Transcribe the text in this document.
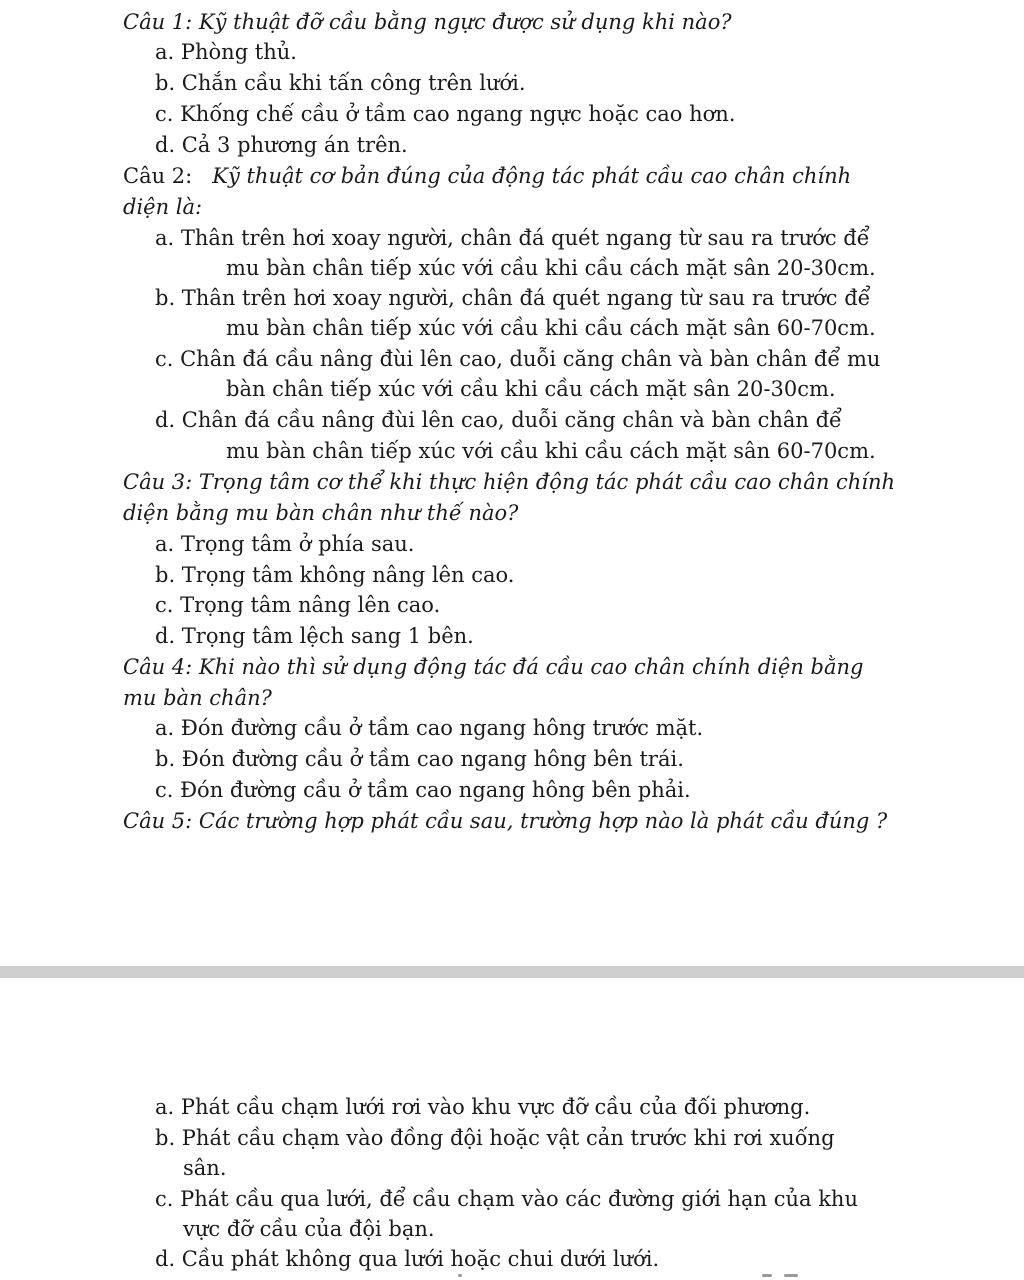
Câu 1: Kỹ thuật đỡ cầu bằng ngực được sử dụng khi nào?
a. Phòng thủ.
b. Chắn cầu khi tấn công trên lưới.
c. Khống chế cầu ở tầm cao ngang ngực hoặc cao hơn.
d. Cả 3 phương án trên.
Câu 2: Kỹ thuật cơ bản đúng của động tác phát cầu cao chân chính
diện là:
a. Thân trên hơi xoay người, chân đá quét ngang từ sau ra trước để
mu bàn chân tiếp xúc với cầu khi cầu cách mặt sân 20-30cm.
b. Thân trên hơi xoay người, chân đá quét ngang từ sau ra trước để
mu bàn chân tiếp xúc với cầu khi cầu cách mặt sân 60-70cm.
c. Chân đá cầu nâng đùi lên cao, duỗi căng chân và bàn chân để mu
bàn chân tiếp xúc với cầu khi cầu cách mặt sân 20-30cm.
d. Chân đá cầu nâng đùi lên cao, duỗi căng chân và bàn chân để
mu bàn chân tiếp xúc với cầu khi cầu cách mặt sân 60-70cm.
Câu 3: Trọng tâm cơ thể khi thực hiện động tác phát cầu cao chân chính
diện bằng mu bàn chân như thế nào?
a. Trọng tâm ở phía sau.
b. Trọng tâm không nâng lên cao.
c. Trọng tâm nâng lên cao.
d. Trọng tâm lệch sang 1 bên.
Câu 4: Khi nào thì sử dụng động tác đá cầu cao chân chính diện bằng
mu bàn chân?
a. Đón đường cầu ở tầm cao ngang hông trước mặt.
b. Đón đường cầu ở tầm cao ngang hông bên trái.
c. Đón đường cầu ở tầm cao ngang hông bên phải.
Câu 5: Các trường hợp phát cầu sau, trường hợp nào là phát cầu đúng ?
a. Phát cầu chạm lưới rơi vào khu vực đỡ cầu của đối phương.
b. Phát cầu chạm vào đồng đội hoặc vật cản trước khi rơi xuống
sân.
c. Phát cầu qua lưới, để cầu chạm vào các đường giới hạn của khu
vực đỡ cầu của đội bạn.
d. Cầu phát không qua lưới hoặc chui dưới lưới.
